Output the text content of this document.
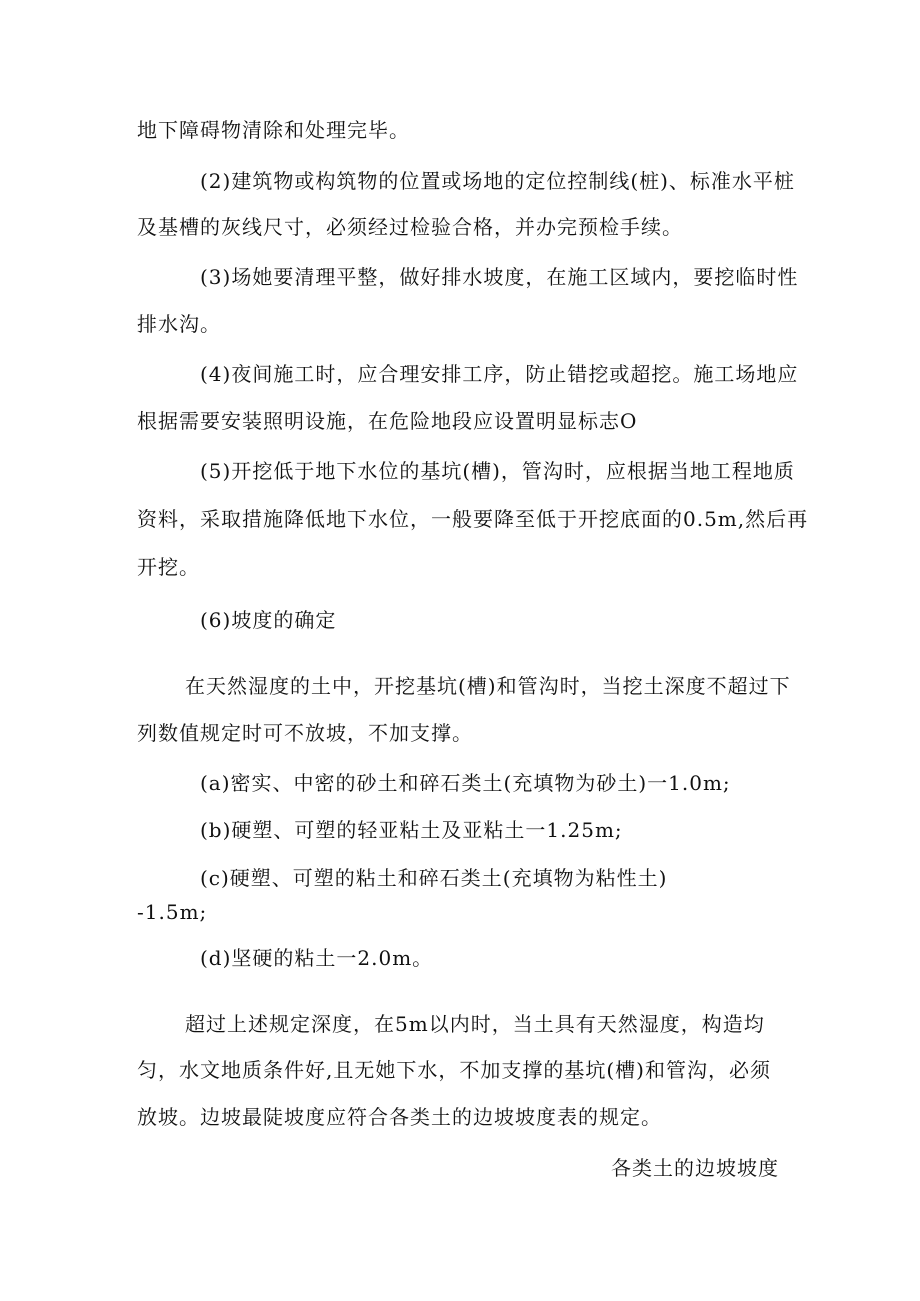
地下障碍物清除和处理完毕。
(2)建筑物或构筑物的位置或场地的定位控制线(桩)、标准水平桩
及基槽的灰线尺寸，必须经过检验合格，并办完预检手续。
(3)场她要清理平整，做好排水坡度，在施工区域内，要挖临时性
排水沟。
(4)夜间施工时，应合理安排工序，防止错挖或超挖。施工场地应
根据需要安装照明设施，在危险地段应设置明显标志O
(5)开挖低于地下水位的基坑(槽)，管沟时，应根据当地工程地质
资料，采取措施降低地下水位，一般要降至低于开挖底面的0.5m,然后再
开挖。
(6)坡度的确定
在天然湿度的土中，开挖基坑(槽)和管沟时，当挖土深度不超过下
列数值规定时可不放坡，不加支撑。
(a)密实、中密的砂土和碎石类土(充填物为砂土)一1.0m;
(b)硬塑、可塑的轻亚粘土及亚粘土一1.25m;
(c)硬塑、可塑的粘土和碎石类土(充填物为粘性土)
-1.5m;
(d)坚硬的粘土一2.0m。
超过上述规定深度，在5m以内时，当土具有天然湿度，构造均
匀，水文地质条件好,且无她下水，不加支撑的基坑(槽)和管沟，必须
放坡。边坡最陡坡度应符合各类土的边坡坡度表的规定。
各类土的边坡坡度
